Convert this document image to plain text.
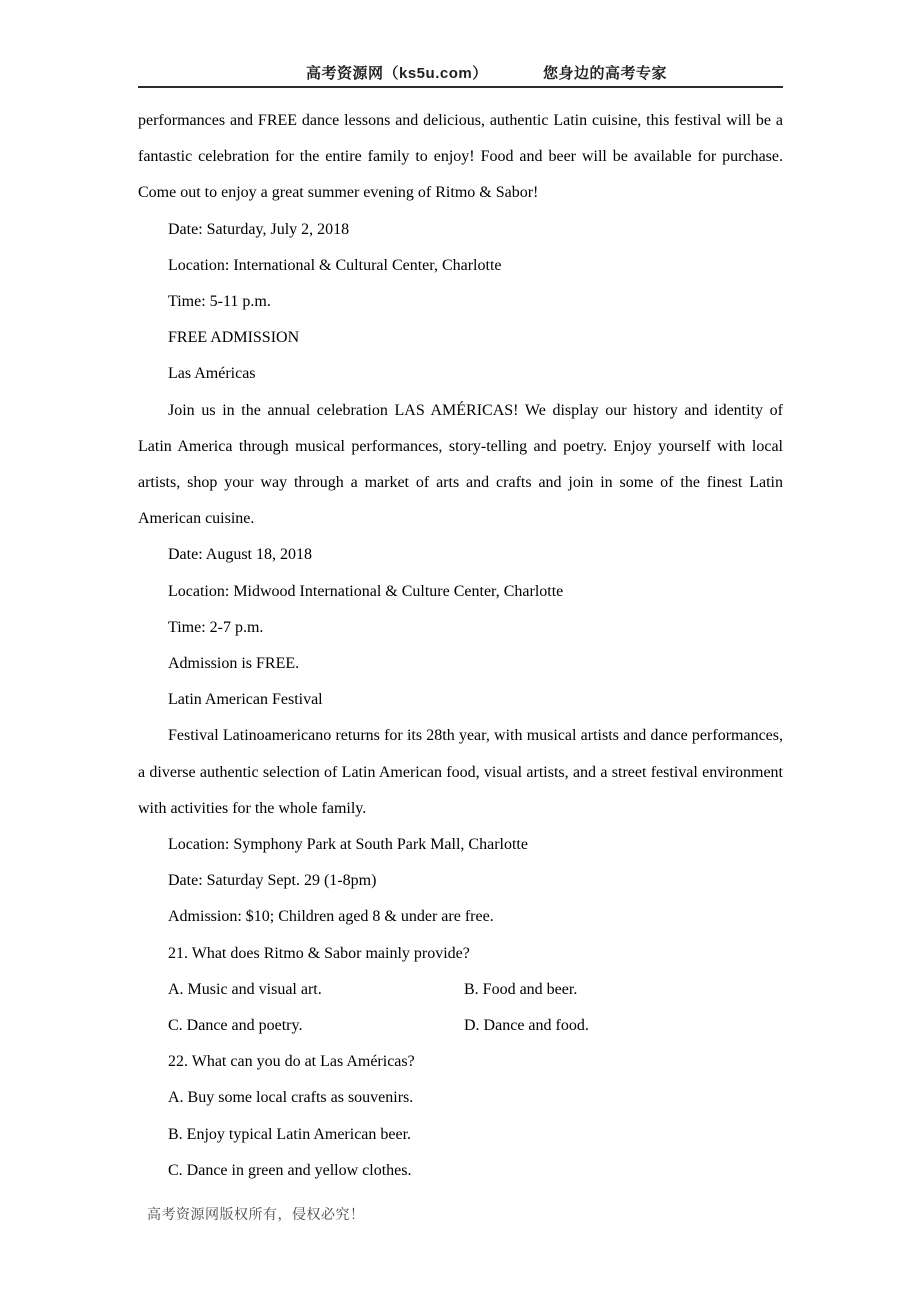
高考资源网（ks5u.com）	您身边的高考专家
performances and FREE dance lessons and delicious, authentic Latin cuisine, this festival will be a
fantastic celebration for the entire family to enjoy! Food and beer will be available for purchase.
Come out to enjoy a great summer evening of Ritmo & Sabor!
Date: Saturday, July 2, 2018
Location: International & Cultural Center, Charlotte
Time: 5-11 p.m.
FREE ADMISSION
Las Américas
Join us in the annual celebration LAS AMÉRICAS! We display our history and identity of
Latin America through musical performances, story-telling and poetry. Enjoy yourself with local
artists, shop your way through a market of arts and crafts and join in some of the finest Latin
American cuisine.
Date: August 18, 2018
Location: Midwood International & Culture Center, Charlotte
Time: 2-7 p.m.
Admission is FREE.
Latin American Festival
Festival Latinoamericano returns for its 28th year, with musical artists and dance performances,
a diverse authentic selection of Latin American food, visual artists, and a street festival environment
with activities for the whole family.
Location: Symphony Park at South Park Mall, Charlotte
Date: Saturday Sept. 29 (1-8pm)
Admission: $10; Children aged 8 & under are free.
21. What does Ritmo & Sabor mainly provide?
A. Music and visual art.	B. Food and beer.
C. Dance and poetry.	D. Dance and food.
22. What can you do at Las Américas?
A. Buy some local crafts as souvenirs.
B. Enjoy typical Latin American beer.
C. Dance in green and yellow clothes.
高考资源网版权所有，侵权必究！
